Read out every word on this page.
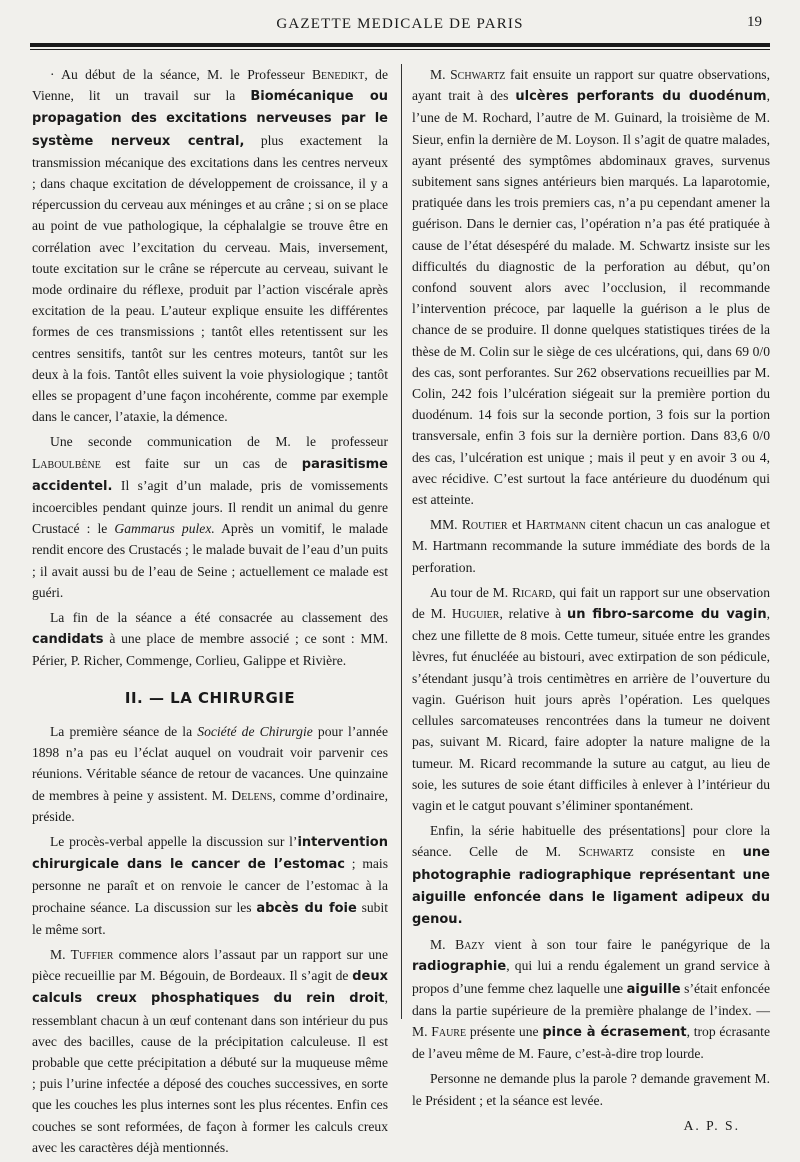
GAZETTE MEDICALE DE PARIS	19

· Au début de la séance, M. le Professeur Benedikt, de Vienne, lit un travail sur la Biomécanique ou propagation des excitations nerveuses par le système nerveux central, plus exactement la transmission mécanique des excitations dans les centres nerveux ; dans chaque excitation de développement de croissance, il y a répercussion du cerveau aux méninges et au crâne ; si on se place au point de vue pathologique, la céphalalgie se trouve être en corrélation avec l’excitation du cerveau. Mais, inversement, toute excitation sur le crâne se répercute au cerveau, suivant le mode ordinaire du réflexe, produit par l’action viscérale après excitation de la peau. L’auteur explique ensuite les différentes formes de ces transmissions ; tantôt elles retentissent sur les centres sensitifs, tantôt sur les centres moteurs, tantôt sur les deux à la fois. Tantôt elles suivent la voie physiologique ; tantôt elles se propagent d’une façon incohérente, comme par exemple dans le cancer, l’ataxie, la démence.

Une seconde communication de M. le professeur Laboulbène est faite sur un cas de parasitisme accidentel. Il s’agit d’un malade, pris de vomissements incoercibles pendant quinze jours. Il rendit un animal du genre Crustacé : le Gammarus pulex. Après un vomitif, le malade rendit encore des Crustacés ; le malade buvait de l’eau d’un puits ; il avait aussi bu de l’eau de Seine ; actuellement ce malade est guéri.

La fin de la séance a été consacrée au classement des candidats à une place de membre associé ; ce sont : MM. Périer, P. Richer, Commenge, Corlieu, Galippe et Rivière.

II. — LA CHIRURGIE

La première séance de la Société de Chirurgie pour l’année 1898 n’a pas eu l’éclat auquel on voudrait voir parvenir ces réunions. Véritable séance de retour de vacances. Une quinzaine de membres à peine y assistent. M. Delens, comme d’ordinaire, préside.

Le procès-verbal appelle la discussion sur l’intervention chirurgicale dans le cancer de l’estomac ; mais personne ne paraît et on renvoie le cancer de l’estomac à la prochaine séance. La discussion sur les abcès du foie subit le même sort.

M. Tuffier commence alors l’assaut par un rapport sur une pièce recueillie par M. Bégouin, de Bordeaux. Il s’agit de deux calculs creux phosphatiques du rein droit, ressemblant chacun à un œuf contenant dans son intérieur du pus avec des bacilles, cause de la précipitation calculeuse. Il est probable que cette précipitation a débuté sur la muqueuse même ; puis l’urine infectée a déposé des couches successives, en sorte que les couches les plus internes sont les plus récentes. Enfin ces couches se sont reformées, de façon à former les calculs creux avec les caractères déjà mentionnés.

M. Schwartz fait ensuite un rapport sur quatre observations, ayant trait à des ulcères perforants du duodénum, l’une de M. Rochard, l’autre de M. Guinard, la troisième de M. Sieur, enfin la dernière de M. Loyson. Il s’agit de quatre malades, ayant présenté des symptômes abdominaux graves, survenus subitement sans signes antérieurs bien marqués. La laparotomie, pratiquée dans les trois premiers cas, n’a pu cependant amener la guérison. Dans le dernier cas, l’opération n’a pas été pratiquée à cause de l’état désespéré du malade. M. Schwartz insiste sur les difficultés du diagnostic de la perforation au début, qu’on confond souvent alors avec l’occlusion, il recommande l’intervention précoce, par laquelle la guérison a le plus de chance de se produire. Il donne quelques statistiques tirées de la thèse de M. Colin sur le siège de ces ulcérations, qui, dans 69 0/0 des cas, sont perforantes. Sur 262 observations recueillies par M. Colin, 242 fois l’ulcération siégeait sur la première portion du duodénum. 14 fois sur la seconde portion, 3 fois sur la portion transversale, enfin 3 fois sur la dernière portion. Dans 83,6 0/0 des cas, l’ulcération est unique ; mais il peut y en avoir 3 ou 4, avec récidive. C’est surtout la face antérieure du duodénum qui est atteinte.

MM. Routier et Hartmann citent chacun un cas analogue et M. Hartmann recommande la suture immédiate des bords de la perforation.

Au tour de M. Ricard, qui fait un rapport sur une observation de M. Huguier, relative à un fibro-sarcome du vagin, chez une fillette de 8 mois. Cette tumeur, située entre les grandes lèvres, fut énucléée au bistouri, avec extirpation de son pédicule, s’étendant jusqu’à trois centimètres en arrière de l’ouverture du vagin. Guérison huit jours après l’opération. Les quelques cellules sarcomateuses rencontrées dans la tumeur ne doivent pas, suivant M. Ricard, faire adopter la nature maligne de la tumeur. M. Ricard recommande la suture au catgut, au lieu de soie, les sutures de soie étant difficiles à enlever à l’intérieur du vagin et le catgut pouvant s’éliminer spontanément.

Enfin, la série habituelle des présentations] pour clore la séance. Celle de M. Schwartz consiste en une photographie radiographique représentant une aiguille enfoncée dans le ligament adipeux du genou.

M. Bazy vient à son tour faire le panégyrique de la radiographie, qui lui a rendu également un grand service à propos d’une femme chez laquelle une aiguille s’était enfoncée dans la partie supérieure de la première phalange de l’index. — M. Faure présente une pince à écrasement, trop écrasante de l’aveu même de M. Faure, c’est-à-dire trop lourde.

Personne ne demande plus la parole ? demande gravement M. le Président ; et la séance est levée.

A. P. S.
